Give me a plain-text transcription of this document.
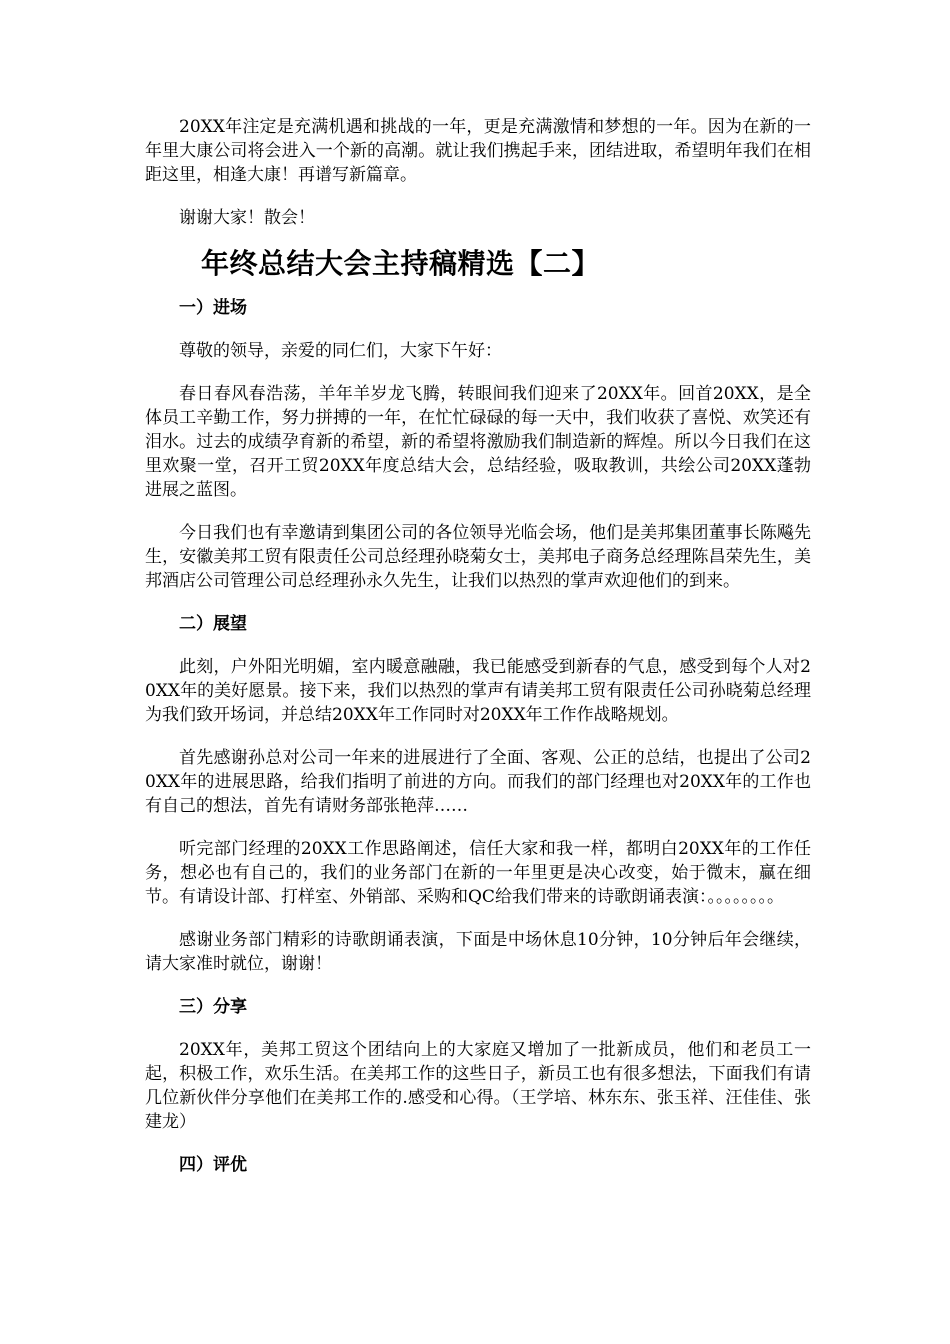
20XX年注定是充满机遇和挑战的一年，更是充满激情和梦想的一年。因为在新的一年里大康公司将会进入一个新的高潮。就让我们携起手来，团结进取，希望明年我们在相距这里，相逢大康！再谱写新篇章。

谢谢大家！散会！

年终总结大会主持稿精选【二】
一）进场

尊敬的领导，亲爱的同仁们，大家下午好：

春日春风春浩荡，羊年羊岁龙飞腾，转眼间我们迎来了20XX年。回首20XX，是全体员工辛勤工作，努力拼搏的一年，在忙忙碌碌的每一天中，我们收获了喜悦、欢笑还有泪水。过去的成绩孕育新的希望，新的希望将激励我们制造新的辉煌。所以今日我们在这里欢聚一堂，召开工贸20XX年度总结大会，总结经验，吸取教训，共绘公司20XX蓬勃进展之蓝图。

今日我们也有幸邀请到集团公司的各位领导光临会场，他们是美邦集团董事长陈飚先生，安徽美邦工贸有限责任公司总经理孙晓菊女士，美邦电子商务总经理陈昌荣先生，美邦酒店公司管理公司总经理孙永久先生，让我们以热烈的掌声欢迎他们的到来。

二）展望

此刻，户外阳光明媚，室内暖意融融，我已能感受到新春的气息，感受到每个人对20XX年的美好愿景。接下来，我们以热烈的掌声有请美邦工贸有限责任公司孙晓菊总经理为我们致开场词，并总结20XX年工作同时对20XX年工作作战略规划。

首先感谢孙总对公司一年来的进展进行了全面、客观、公正的总结，也提出了公司20XX年的进展思路，给我们指明了前进的方向。而我们的部门经理也对20XX年的工作也有自己的想法，首先有请财务部张艳萍……

听完部门经理的20XX工作思路阐述，信任大家和我一样，都明白20XX年的工作任务，想必也有自己的，我们的业务部门在新的一年里更是决心改变，始于微末，赢在细节。有请设计部、打样室、外销部、采购和QC给我们带来的诗歌朗诵表演：。。。。。。。。

感谢业务部门精彩的诗歌朗诵表演，下面是中场休息10分钟，10分钟后年会继续，请大家准时就位，谢谢！

三）分享

20XX年，美邦工贸这个团结向上的大家庭又增加了一批新成员，他们和老员工一起，积极工作，欢乐生活。在美邦工作的这些日子，新员工也有很多想法，下面我们有请几位新伙伴分享他们在美邦工作的.感受和心得。（王学培、林东东、张玉祥、汪佳佳、张建龙）

四）评优
